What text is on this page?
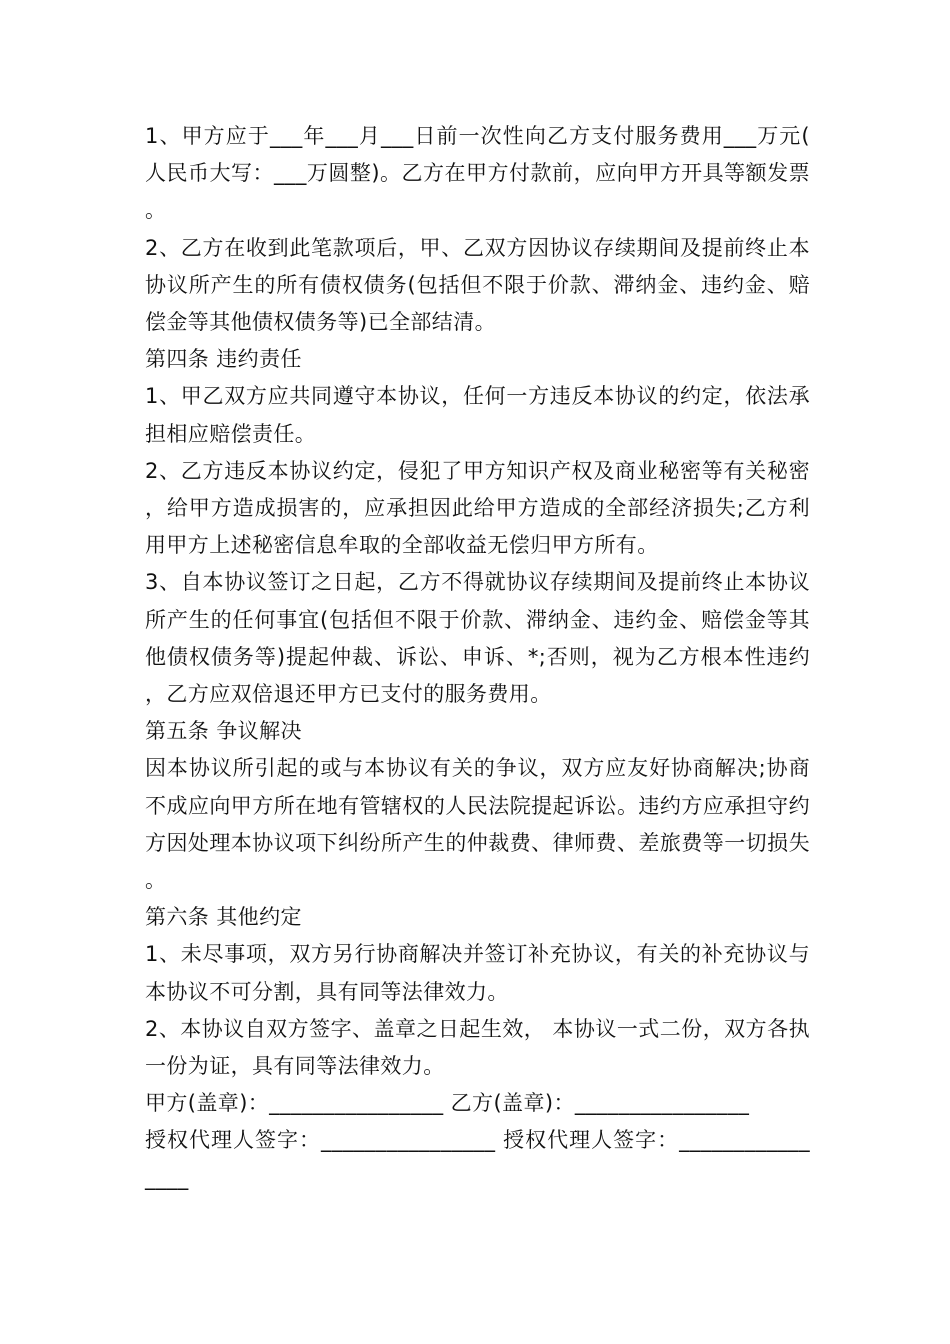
1、甲方应于___年___月___日前一次性向乙方支付服务费用___万元(人民币大写：___万圆整)。乙方在甲方付款前，应向甲方开具等额发票。

2、乙方在收到此笔款项后，甲、乙双方因协议存续期间及提前终止本协议所产生的所有债权债务(包括但不限于价款、滞纳金、违约金、赔偿金等其他债权债务等)已全部结清。

第四条 违约责任

1、甲乙双方应共同遵守本协议，任何一方违反本协议的约定，依法承担相应赔偿责任。

2、乙方违反本协议约定，侵犯了甲方知识产权及商业秘密等有关秘密，给甲方造成损害的，应承担因此给甲方造成的全部经济损失;乙方利用甲方上述秘密信息牟取的全部收益无偿归甲方所有。

3、自本协议签订之日起，乙方不得就协议存续期间及提前终止本协议所产生的任何事宜(包括但不限于价款、滞纳金、违约金、赔偿金等其他债权债务等)提起仲裁、诉讼、申诉、*;否则，视为乙方根本性违约，乙方应双倍退还甲方已支付的服务费用。

第五条 争议解决

因本协议所引起的或与本协议有关的争议，双方应友好协商解决;协商不成应向甲方所在地有管辖权的人民法院提起诉讼。违约方应承担守约方因处理本协议项下纠纷所产生的仲裁费、律师费、差旅费等一切损失。

第六条 其他约定

1、未尽事项，双方另行协商解决并签订补充协议，有关的补充协议与本协议不可分割，具有同等法律效力。

2、本协议自双方签字、盖章之日起生效， 本协议一式二份，双方各执一份为证，具有同等法律效力。

甲方(盖章)：________________ 乙方(盖章)：________________

授权代理人签字：________________ 授权代理人签字：________________
